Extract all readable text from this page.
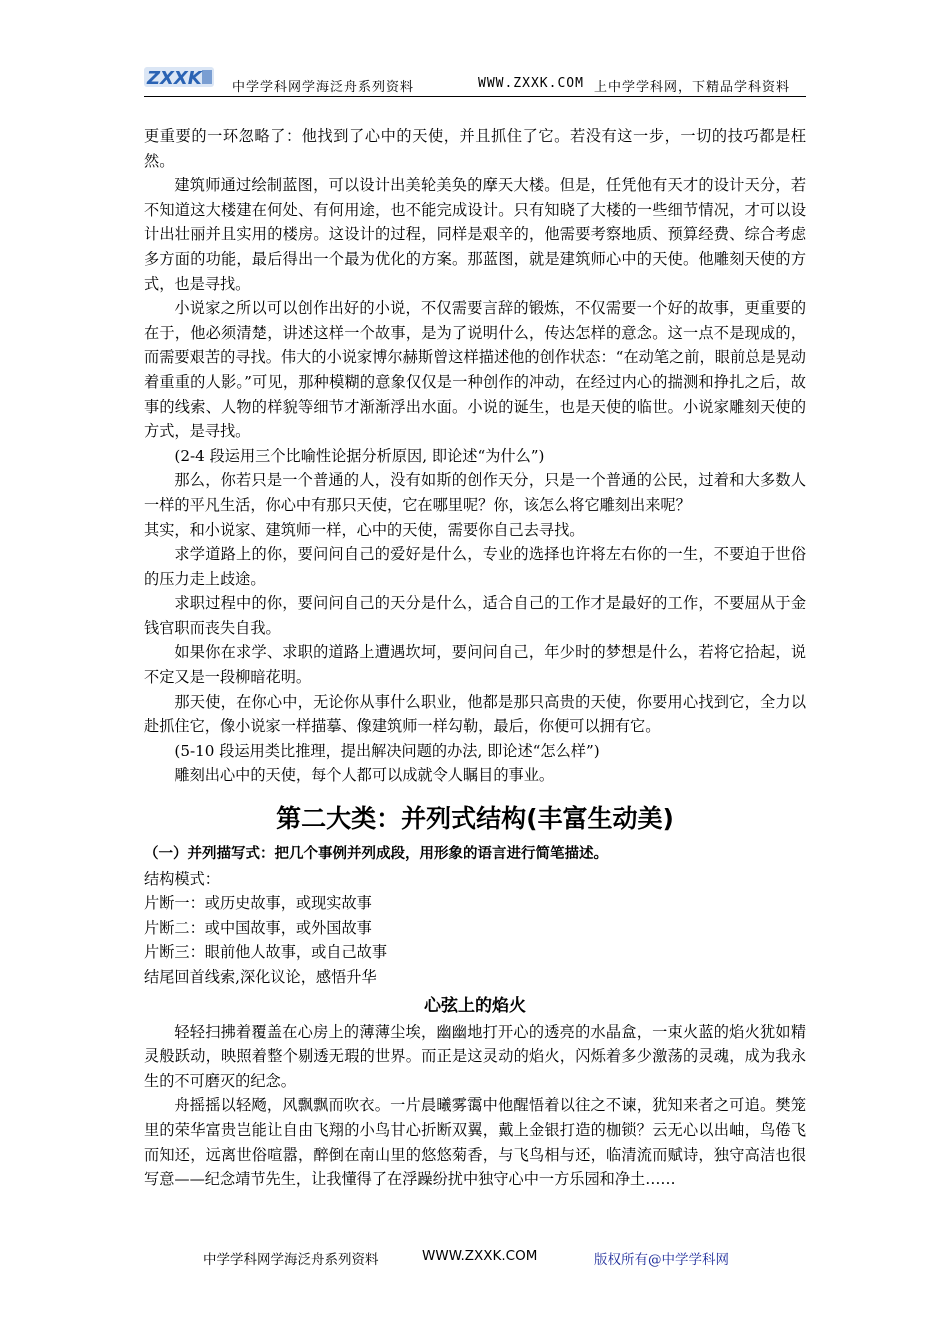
ZXXK 中学学科网学海泛舟系列资料	WWW.ZXXK.COM 上中学学科网，下精品学科资料

更重要的一环忽略了：他找到了心中的天使，并且抓住了它。若没有这一步，一切的技巧都是枉然。

建筑师通过绘制蓝图，可以设计出美轮美奂的摩天大楼。但是，任凭他有天才的设计天分，若不知道这大楼建在何处、有何用途，也不能完成设计。只有知晓了大楼的一些细节情况，才可以设计出壮丽并且实用的楼房。这设计的过程，同样是艰辛的，他需要考察地质、预算经费、综合考虑多方面的功能，最后得出一个最为优化的方案。那蓝图，就是建筑师心中的天使。他雕刻天使的方式，也是寻找。

小说家之所以可以创作出好的小说，不仅需要言辞的锻炼，不仅需要一个好的故事，更重要的在于，他必须清楚，讲述这样一个故事，是为了说明什么，传达怎样的意念。这一点不是现成的，而需要艰苦的寻找。伟大的小说家博尔赫斯曾这样描述他的创作状态：“在动笔之前，眼前总是晃动着重重的人影。”可见，那种模糊的意象仅仅是一种创作的冲动，在经过内心的揣测和挣扎之后，故事的线索、人物的样貌等细节才渐渐浮出水面。小说的诞生，也是天使的临世。小说家雕刻天使的方式，是寻找。

(2-4 段运用三个比喻性论据分析原因, 即论述“为什么”)

那么，你若只是一个普通的人，没有如斯的创作天分，只是一个普通的公民，过着和大多数人一样的平凡生活，你心中有那只天使，它在哪里呢？你，该怎么将它雕刻出来呢？

其实，和小说家、建筑师一样，心中的天使，需要你自己去寻找。

求学道路上的你，要问问自己的爱好是什么，专业的选择也许将左右你的一生，不要迫于世俗的压力走上歧途。

求职过程中的你，要问问自己的天分是什么，适合自己的工作才是最好的工作，不要屈从于金钱官职而丧失自我。

如果你在求学、求职的道路上遭遇坎坷，要问问自己，年少时的梦想是什么，若将它拾起，说不定又是一段柳暗花明。

那天使，在你心中，无论你从事什么职业，他都是那只高贵的天使，你要用心找到它，全力以赴抓住它，像小说家一样描摹、像建筑师一样勾勒，最后，你便可以拥有它。

(5-10 段运用类比推理，提出解决问题的办法, 即论述“怎么样”)

雕刻出心中的天使，每个人都可以成就令人瞩目的事业。

第二大类：并列式结构(丰富生动美)

（一）并列描写式：把几个事例并列成段，用形象的语言进行简笔描述。

结构模式：

片断一：或历史故事，或现实故事

片断二：或中国故事，或外国故事

片断三：眼前他人故事，或自己故事

结尾回首线索,深化议论，感悟升华

心弦上的焰火

轻轻扫拂着覆盖在心房上的薄薄尘埃，幽幽地打开心的透亮的水晶盒，一束火蓝的焰火犹如精灵般跃动，映照着整个剔透无瑕的世界。而正是这灵动的焰火，闪烁着多少激荡的灵魂，成为我永生的不可磨灭的纪念。

舟摇摇以轻飏，风飘飘而吹衣。一片晨曦雾霭中他醒悟着以往之不谏，犹知来者之可追。樊笼里的荣华富贵岂能让自由飞翔的小鸟甘心折断双翼，戴上金银打造的枷锁？云无心以出岫，鸟倦飞而知还，远离世俗喧嚣，醉倒在南山里的悠悠菊香，与飞鸟相与还，临清流而赋诗，独守高洁也很写意——纪念靖节先生，让我懂得了在浮躁纷扰中独守心中一方乐园和净土……

中学学科网学海泛舟系列资料	WWW.ZXXK.COM	版权所有@中学学科网
